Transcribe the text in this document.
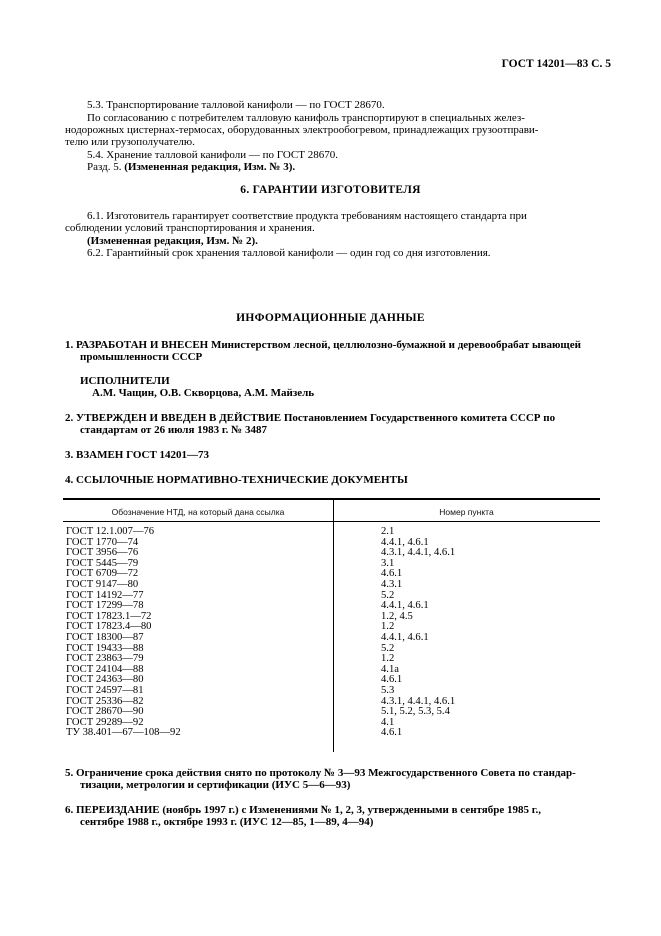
ГОСТ 14201—83 С. 5
5.3. Транспортирование талловой канифоли — по ГОСТ 28670.
По согласованию с потребителем талловую канифоль транспортируют в специальных желез-
нодорожных цистернах-термосах, оборудованных электрообогревом, принадлежащих грузоотправи-
телю или грузополучателю.
5.4. Хранение талловой канифоли — по ГОСТ 28670.
Разд. 5. (Измененная редакция, Изм. № 3).
6. ГАРАНТИИ ИЗГОТОВИТЕЛЯ
6.1. Изготовитель гарантирует соответствие продукта требованиям настоящего стандарта при
соблюдении условий транспортирования и хранения.
(Измененная редакция, Изм. № 2).
6.2. Гарантийный срок хранения талловой канифоли — один год со дня изготовления.
ИНФОРМАЦИОННЫЕ ДАННЫЕ
1. РАЗРАБОТАН И ВНЕСЕН Министерством лесной, целлюлозно-бумажной и деревообрабат ывающей
промышленности СССР
ИСПОЛНИТЕЛИ
А.М. Чащин, О.В. Скворцова, А.М. Майзель
2. УТВЕРЖДЕН И ВВЕДЕН В ДЕЙСТВИЕ Постановлением Государственного комитета СССР по
стандартам от 26 июля 1983 г. № 3487
3. ВЗАМЕН ГОСТ 14201—73
4. ССЫЛОЧНЫЕ НОРМАТИВНО-ТЕХНИЧЕСКИЕ ДОКУМЕНТЫ
Обозначение НТД, на который дана ссылка	Номер пункта
ГОСТ 12.1.007—76	2.1
ГОСТ 1770—74	4.4.1, 4.6.1
ГОСТ 3956—76	4.3.1, 4.4.1, 4.6.1
ГОСТ 5445—79	3.1
ГОСТ 6709—72	4.6.1
ГОСТ 9147—80	4.3.1
ГОСТ 14192—77	5.2
ГОСТ 17299—78	4.4.1, 4.6.1
ГОСТ 17823.1—72	1.2, 4.5
ГОСТ 17823.4—80	1.2
ГОСТ 18300—87	4.4.1, 4.6.1
ГОСТ 19433—88	5.2
ГОСТ 23863—79	1.2
ГОСТ 24104—88	4.1а
ГОСТ 24363—80	4.6.1
ГОСТ 24597—81	5.3
ГОСТ 25336—82	4.3.1, 4.4.1, 4.6.1
ГОСТ 28670—90	5.1, 5.2, 5.3, 5.4
ГОСТ 29289—92	4.1
ТУ 38.401—67—108—92	4.6.1
5. Ограничение срока действия снято по протоколу № 3—93 Межгосударственного Совета по стандар-
тизации, метрологии и сертификации (ИУС 5—6—93)
6. ПЕРЕИЗДАНИЕ (ноябрь 1997 г.) с Изменениями № 1, 2, 3, утвержденными в сентябре 1985 г.,
сентябре 1988 г., октябре 1993 г. (ИУС 12—85, 1—89, 4—94)
